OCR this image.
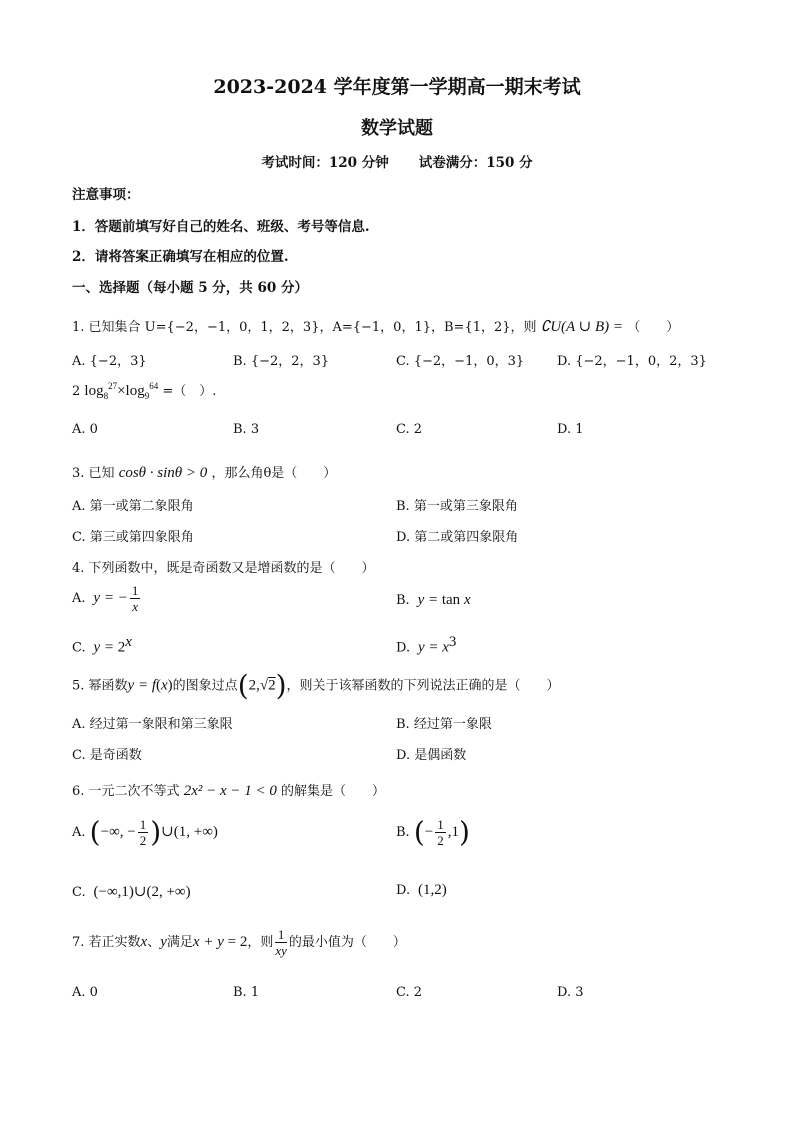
2023-2024 学年度第一学期高一期末考试
数学试题
考试时间：120 分钟 试卷满分：150 分
注意事项：
1．答题前填写好自己的姓名、班级、考号等信息.
2．请将答案正确填写在相应的位置.
一、选择题（每小题 5 分，共 60 分）
1. 已知集合 U={−2，−1，0，1，2，3}，A={−1，0，1}，B={1，2}，则 ∁U(A ∪ B) = （　　）
A. {−2，3}	B. {−2，2，3}	C. {−2，−1，0，3}	D. {−2，−1，0，2，3}
2 $\log_8^{27}\times\log_9^{64}$ =（　）.
A. 0	B. 3	C. 2	D. 1
3. 已知 cosθ · sinθ > 0 ，那么角θ是（　　）
A. 第一或第二象限角	B. 第一或第三象限角
C. 第三或第四象限角	D. 第二或第四象限角
4. 下列函数中，既是奇函数又是增函数的是（　　）
A.  y = − $\frac{1}{x}$	B.  y = tan x
C.  $y = 2^x$	D.  $y = x^3$
5. 幂函数y = f(x)的图象过点(2,√2)，则关于该幂函数的下列说法正确的是（　　）
A. 经过第一象限和第三象限	B. 经过第一象限
C. 是奇函数	D. 是偶函数
6. 一元二次不等式 2x² − x − 1 < 0 的解集是（　　）
A. (−∞, − $\frac{1}{2}$ )∪(1, +∞)	B. (− $\frac{1}{2} ,1$)
C.  (−∞,1)∪(2, +∞)	D.  (1,2)
7. 若正实数x、y满足x + y = 2，则 $\frac{1}{xy}$ 的最小值为（　　）
A. 0	B. 1	C. 2	D. 3
